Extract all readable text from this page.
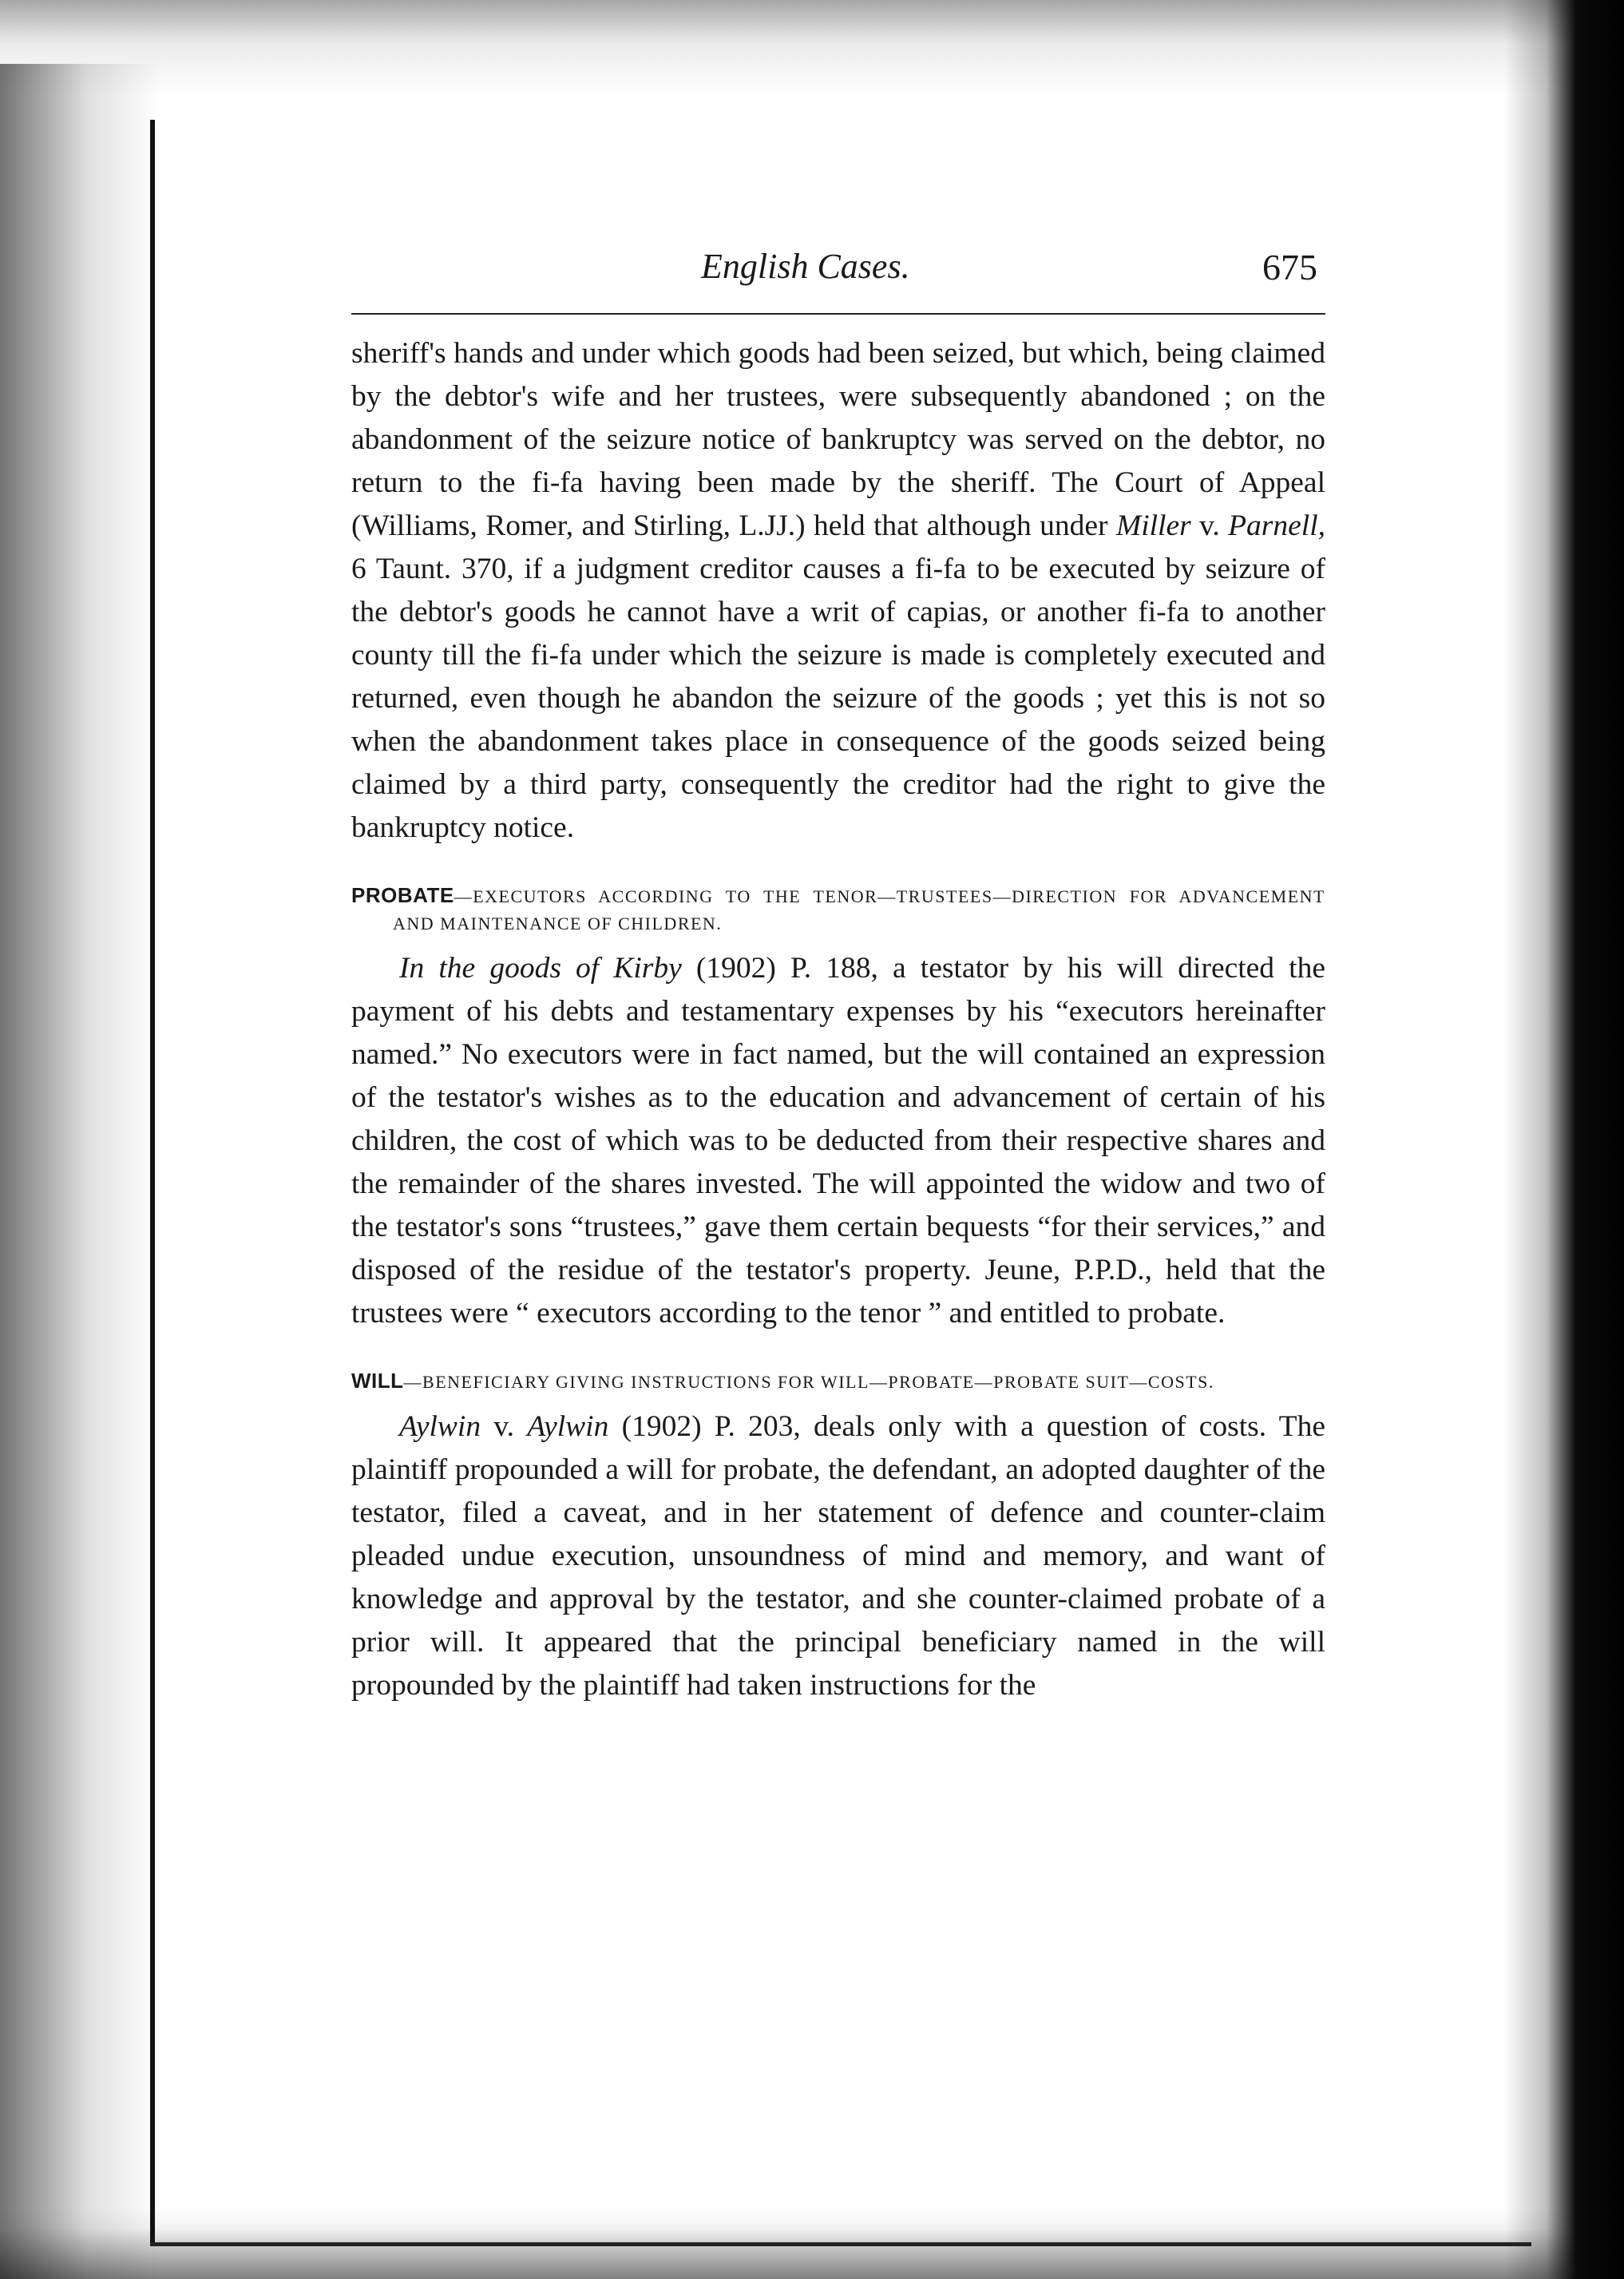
English Cases.	675

sheriff's hands and under which goods had been seized, but which, being claimed by the debtor's wife and her trustees, were subsequently abandoned ; on the abandonment of the seizure notice of bankruptcy was served on the debtor, no return to the fi-fa having been made by the sheriff. The Court of Appeal (Williams, Romer, and Stirling, L.JJ.) held that although under Miller v. Parnell, 6 Taunt. 370, if a judgment creditor causes a fi-fa to be executed by seizure of the debtor's goods he cannot have a writ of capias, or another fi-fa to another county till the fi-fa under which the seizure is made is completely executed and returned, even though he abandon the seizure of the goods ; yet this is not so when the abandonment takes place in consequence of the goods seized being claimed by a third party, consequently the creditor had the right to give the bankruptcy notice.

PROBATE—EXECUTORS ACCORDING TO THE TENOR—TRUSTEES—DIRECTION FOR ADVANCEMENT AND MAINTENANCE OF CHILDREN.

In the goods of Kirby (1902) P. 188, a testator by his will directed the payment of his debts and testamentary expenses by his “executors hereinafter named.” No executors were in fact named, but the will contained an expression of the testator's wishes as to the education and advancement of certain of his children, the cost of which was to be deducted from their respective shares and the remainder of the shares invested. The will appointed the widow and two of the testator's sons “trustees,” gave them certain bequests “for their services,” and disposed of the residue of the testator's property. Jeune, P.P.D., held that the trustees were “ executors according to the tenor ” and entitled to probate.

WILL—BENEFICIARY GIVING INSTRUCTIONS FOR WILL—PROBATE—PROBATE SUIT—COSTS.

Aylwin v. Aylwin (1902) P. 203, deals only with a question of costs. The plaintiff propounded a will for probate, the defendant, an adopted daughter of the testator, filed a caveat, and in her statement of defence and counter-claim pleaded undue execution, unsoundness of mind and memory, and want of knowledge and approval by the testator, and she counter-claimed probate of a prior will. It appeared that the principal beneficiary named in the will propounded by the plaintiff had taken instructions for the
